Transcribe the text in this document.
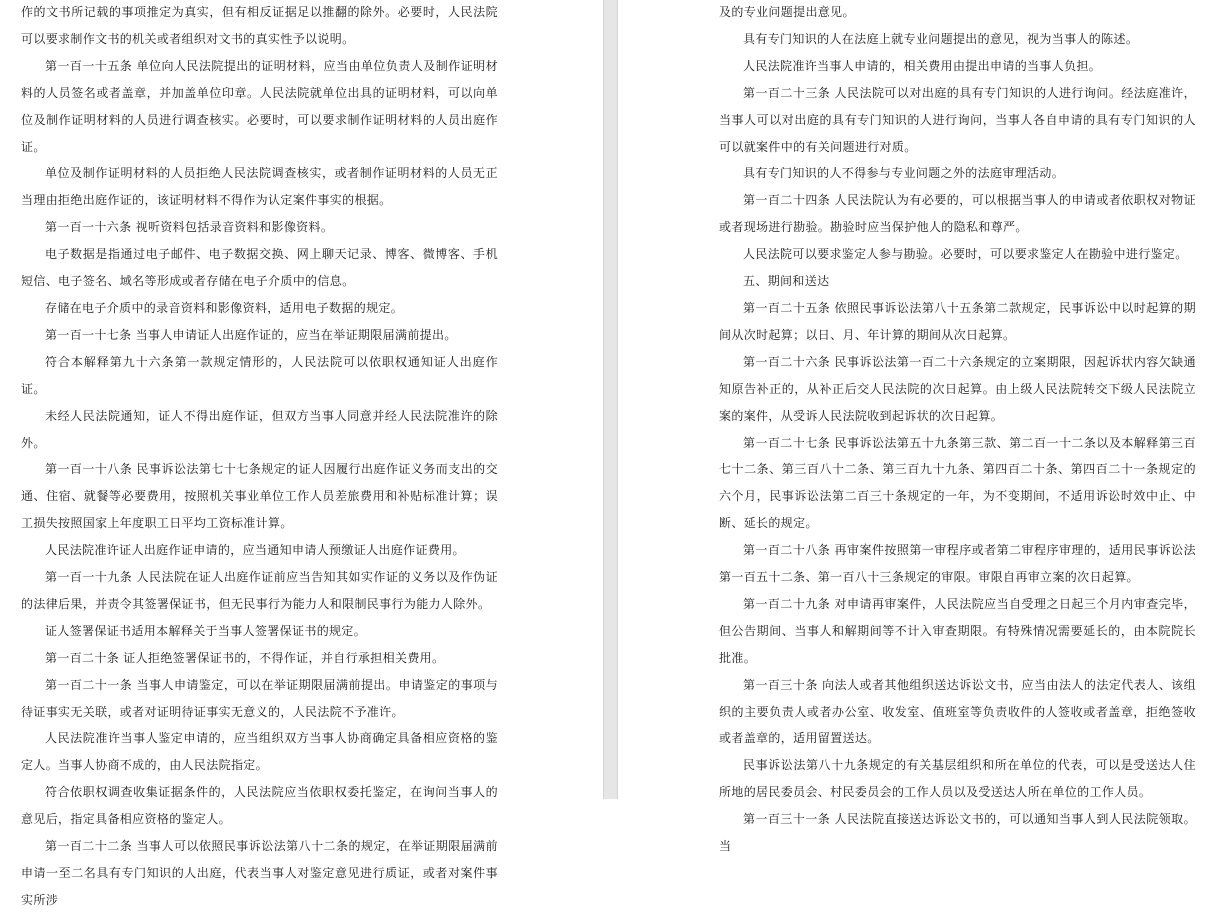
作的文书所记载的事项推定为真实，但有相反证据足以推翻的除外。必要时，人民法院可以要求制作文书的机关或者组织对文书的真实性予以说明。

第一百一十五条 单位向人民法院提出的证明材料，应当由单位负责人及制作证明材料的人员签名或者盖章，并加盖单位印章。人民法院就单位出具的证明材料，可以向单位及制作证明材料的人员进行调查核实。必要时，可以要求制作证明材料的人员出庭作证。

单位及制作证明材料的人员拒绝人民法院调查核实，或者制作证明材料的人员无正当理由拒绝出庭作证的，该证明材料不得作为认定案件事实的根据。

第一百一十六条 视听资料包括录音资料和影像资料。

电子数据是指通过电子邮件、电子数据交换、网上聊天记录、博客、微博客、手机短信、电子签名、域名等形成或者存储在电子介质中的信息。

存储在电子介质中的录音资料和影像资料，适用电子数据的规定。

第一百一十七条 当事人申请证人出庭作证的，应当在举证期限届满前提出。

符合本解释第九十六条第一款规定情形的，人民法院可以依职权通知证人出庭作证。

未经人民法院通知，证人不得出庭作证，但双方当事人同意并经人民法院准许的除外。

第一百一十八条 民事诉讼法第七十七条规定的证人因履行出庭作证义务而支出的交通、住宿、就餐等必要费用，按照机关事业单位工作人员差旅费用和补贴标准计算；误工损失按照国家上年度职工日平均工资标准计算。

人民法院准许证人出庭作证申请的，应当通知申请人预缴证人出庭作证费用。

第一百一十九条 人民法院在证人出庭作证前应当告知其如实作证的义务以及作伪证的法律后果，并责令其签署保证书，但无民事行为能力人和限制民事行为能力人除外。

证人签署保证书适用本解释关于当事人签署保证书的规定。

第一百二十条 证人拒绝签署保证书的，不得作证，并自行承担相关费用。

第一百二十一条 当事人申请鉴定，可以在举证期限届满前提出。申请鉴定的事项与待证事实无关联，或者对证明待证事实无意义的，人民法院不予准许。

人民法院准许当事人鉴定申请的，应当组织双方当事人协商确定具备相应资格的鉴定人。当事人协商不成的，由人民法院指定。

符合依职权调查收集证据条件的，人民法院应当依职权委托鉴定，在询问当事人的意见后，指定具备相应资格的鉴定人。

第一百二十二条 当事人可以依照民事诉讼法第八十二条的规定，在举证期限届满前申请一至二名具有专门知识的人出庭，代表当事人对鉴定意见进行质证，或者对案件事实所涉

及的专业问题提出意见。

具有专门知识的人在法庭上就专业问题提出的意见，视为当事人的陈述。

人民法院准许当事人申请的，相关费用由提出申请的当事人负担。

第一百二十三条 人民法院可以对出庭的具有专门知识的人进行询问。经法庭准许，当事人可以对出庭的具有专门知识的人进行询问，当事人各自申请的具有专门知识的人可以就案件中的有关问题进行对质。

具有专门知识的人不得参与专业问题之外的法庭审理活动。

第一百二十四条 人民法院认为有必要的，可以根据当事人的申请或者依职权对物证或者现场进行勘验。勘验时应当保护他人的隐私和尊严。

人民法院可以要求鉴定人参与勘验。必要时，可以要求鉴定人在勘验中进行鉴定。

五、期间和送达

第一百二十五条 依照民事诉讼法第八十五条第二款规定，民事诉讼中以时起算的期间从次时起算；以日、月、年计算的期间从次日起算。

第一百二十六条 民事诉讼法第一百二十六条规定的立案期限，因起诉状内容欠缺通知原告补正的，从补正后交人民法院的次日起算。由上级人民法院转交下级人民法院立案的案件，从受诉人民法院收到起诉状的次日起算。

第一百二十七条 民事诉讼法第五十九条第三款、第二百一十二条以及本解释第三百七十二条、第三百八十二条、第三百九十九条、第四百二十条、第四百二十一条规定的六个月，民事诉讼法第二百三十条规定的一年，为不变期间，不适用诉讼时效中止、中断、延长的规定。

第一百二十八条 再审案件按照第一审程序或者第二审程序审理的，适用民事诉讼法第一百五十二条、第一百八十三条规定的审限。审限自再审立案的次日起算。

第一百二十九条 对申请再审案件，人民法院应当自受理之日起三个月内审查完毕，但公告期间、当事人和解期间等不计入审查期限。有特殊情况需要延长的，由本院院长批准。

第一百三十条 向法人或者其他组织送达诉讼文书，应当由法人的法定代表人、该组织的主要负责人或者办公室、收发室、值班室等负责收件的人签收或者盖章，拒绝签收或者盖章的，适用留置送达。

民事诉讼法第八十九条规定的有关基层组织和所在单位的代表，可以是受送达人住所地的居民委员会、村民委员会的工作人员以及受送达人所在单位的工作人员。

第一百三十一条 人民法院直接送达诉讼文书的，可以通知当事人到人民法院领取。当
